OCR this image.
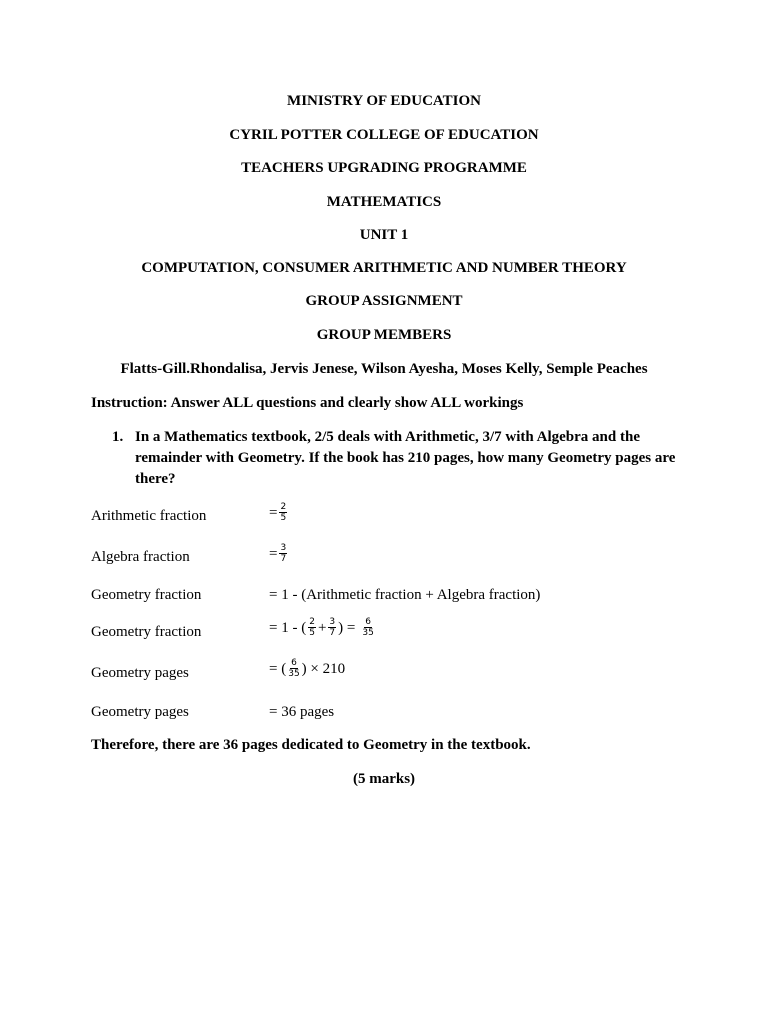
MINISTRY OF EDUCATION
CYRIL POTTER COLLEGE OF EDUCATION
TEACHERS UPGRADING PROGRAMME
MATHEMATICS
UNIT 1
COMPUTATION, CONSUMER ARITHMETIC AND NUMBER THEORY
GROUP ASSIGNMENT
GROUP MEMBERS
Flatts-Gill.Rhondalisa, Jervis Jenese, Wilson Ayesha, Moses Kelly, Semple Peaches
Instruction: Answer ALL questions and clearly show ALL workings
1. In a Mathematics textbook, 2/5 deals with Arithmetic, 3/7 with Algebra and the remainder with Geometry. If the book has 210 pages, how many Geometry pages are there?
Arithmetic fraction	= $\frac{2}{5}$
Algebra fraction	= $\frac{3}{7}$
Geometry fraction	= 1 - (Arithmetic fraction + Algebra fraction)
Geometry fraction	= 1 - ( $\frac{2}{5} + \frac{3}{7}$ ) = $\frac{6}{35}$
Geometry pages	= ( $\frac{6}{35}$ ) × 210
Geometry pages	= 36 pages
Therefore, there are 36 pages dedicated to Geometry in the textbook.
(5 marks)
